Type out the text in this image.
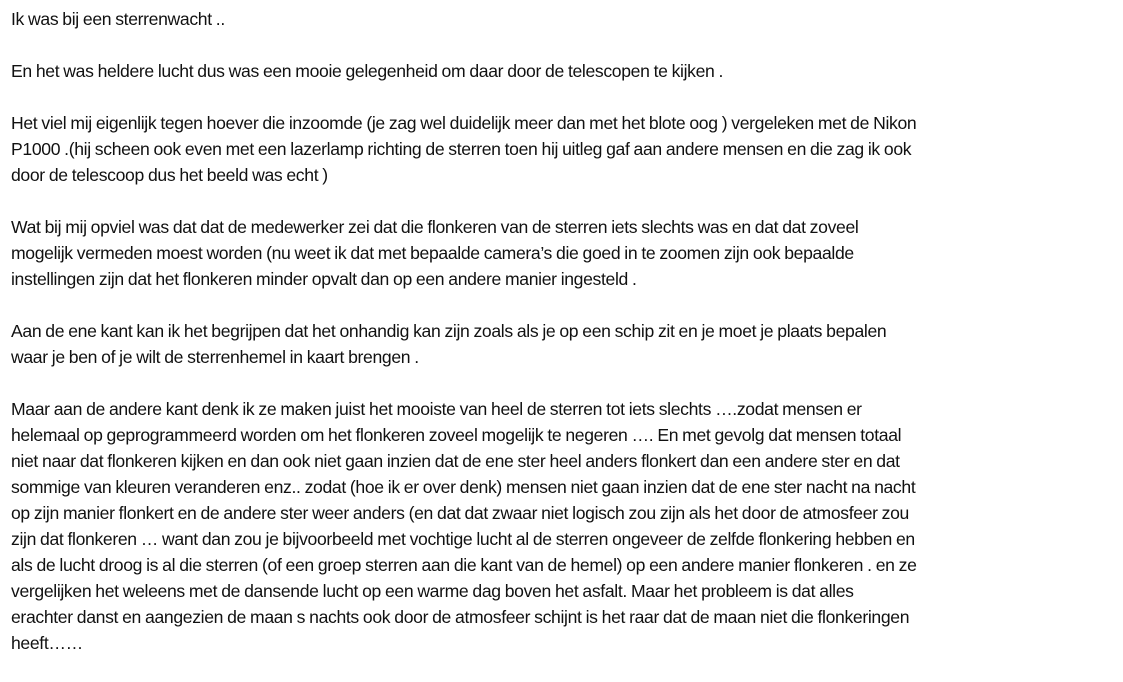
Ik was bij een sterrenwacht ..

En het was heldere lucht dus was een mooie gelegenheid om daar door de telescopen te kijken .

Het viel mij eigenlijk tegen hoever die inzoomde (je zag wel duidelijk meer dan met het blote oog ) vergeleken met de Nikon
P1000 .(hij scheen ook even met een lazerlamp richting de sterren toen hij uitleg gaf aan andere mensen en die zag ik ook
door de telescoop dus het beeld was echt )

Wat bij mij opviel was dat dat de medewerker zei dat die flonkeren van de sterren iets slechts was en dat dat zoveel
mogelijk vermeden moest worden (nu weet ik dat met bepaalde camera’s die goed in te zoomen zijn ook bepaalde
instellingen zijn dat het flonkeren minder opvalt dan op een andere manier ingesteld .

Aan de ene kant kan ik het begrijpen dat het onhandig kan zijn zoals als je op een schip zit en je moet je plaats bepalen
waar je ben of je wilt de sterrenhemel in kaart brengen .

Maar aan de andere kant denk ik ze maken juist het mooiste van heel de sterren tot iets slechts ….zodat mensen er
helemaal op geprogrammeerd worden om het flonkeren zoveel mogelijk te negeren …. En met gevolg dat mensen totaal
niet naar dat flonkeren kijken en dan ook niet gaan inzien dat de ene ster heel anders flonkert dan een andere ster en dat
sommige van kleuren veranderen enz.. zodat (hoe ik er over denk) mensen niet gaan inzien dat de ene ster nacht na nacht
op zijn manier flonkert en de andere ster weer anders (en dat dat zwaar niet logisch zou zijn als het door de atmosfeer zou
zijn dat flonkeren … want dan zou je bijvoorbeeld met vochtige lucht al de sterren ongeveer de zelfde flonkering hebben en
als de lucht droog is al die sterren (of een groep sterren aan die kant van de hemel) op een andere manier flonkeren . en ze
vergelijken het weleens met de dansende lucht op een warme dag boven het asfalt. Maar het probleem is dat alles
erachter danst en aangezien de maan s nachts ook door de atmosfeer schijnt is het raar dat de maan niet die flonkeringen
heeft……
